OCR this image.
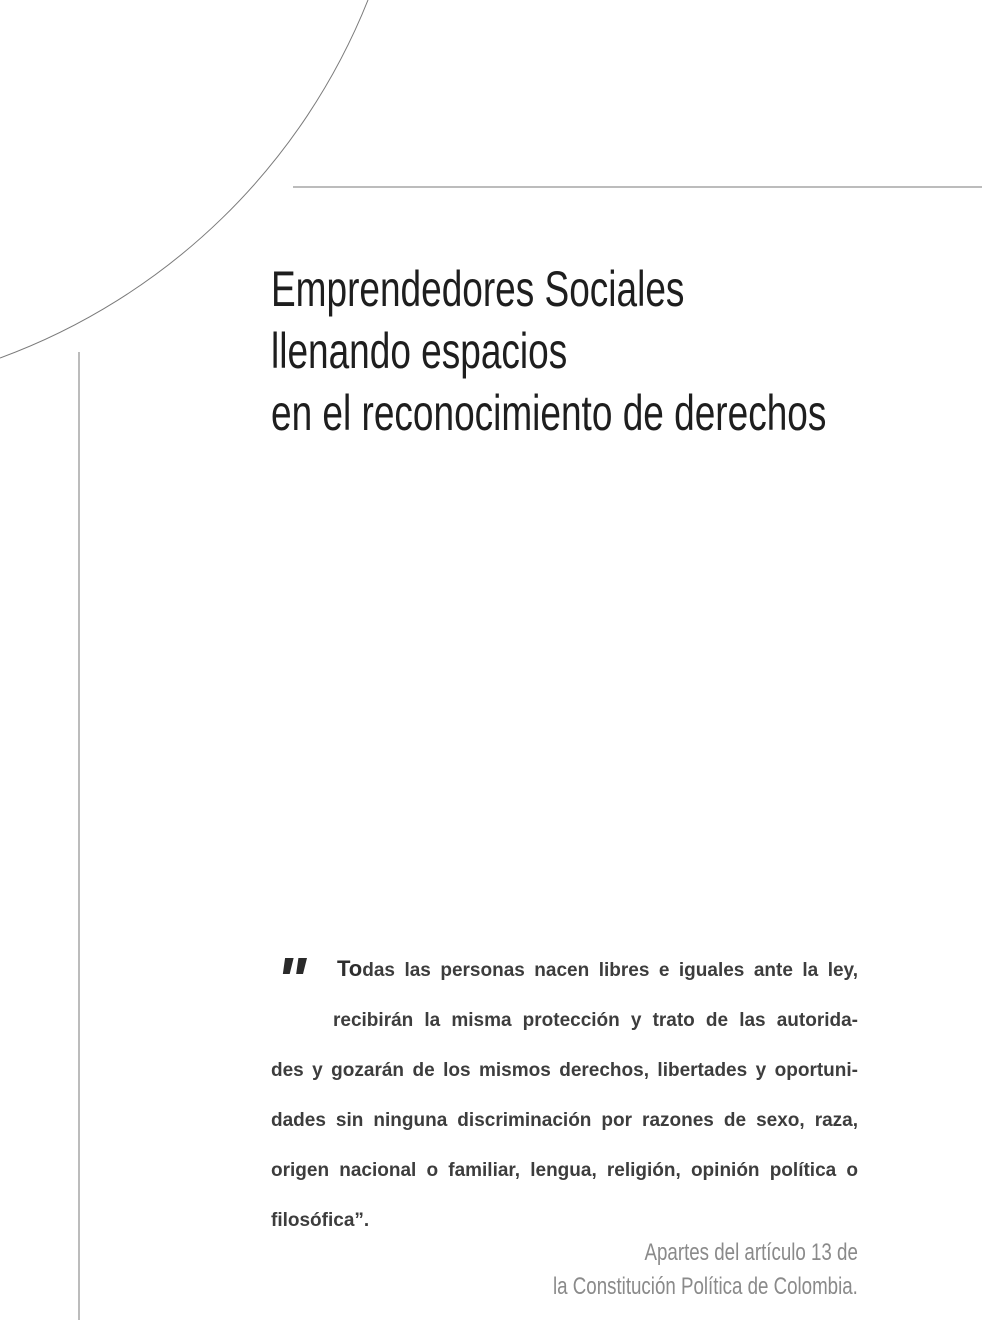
Emprendedores Sociales
llenando espacios
en el reconocimiento de derechos
"	Todas las personas nacen libres e iguales ante la ley,
recibirán la misma protección y trato de las autorida-
des y gozarán de los mismos derechos, libertades y oportuni-
dades sin ninguna discriminación por razones de sexo, raza,
origen nacional o familiar, lengua, religión, opinión política o
filosófica”.

Apartes del artículo 13 de
la Constitución Política de Colombia.
